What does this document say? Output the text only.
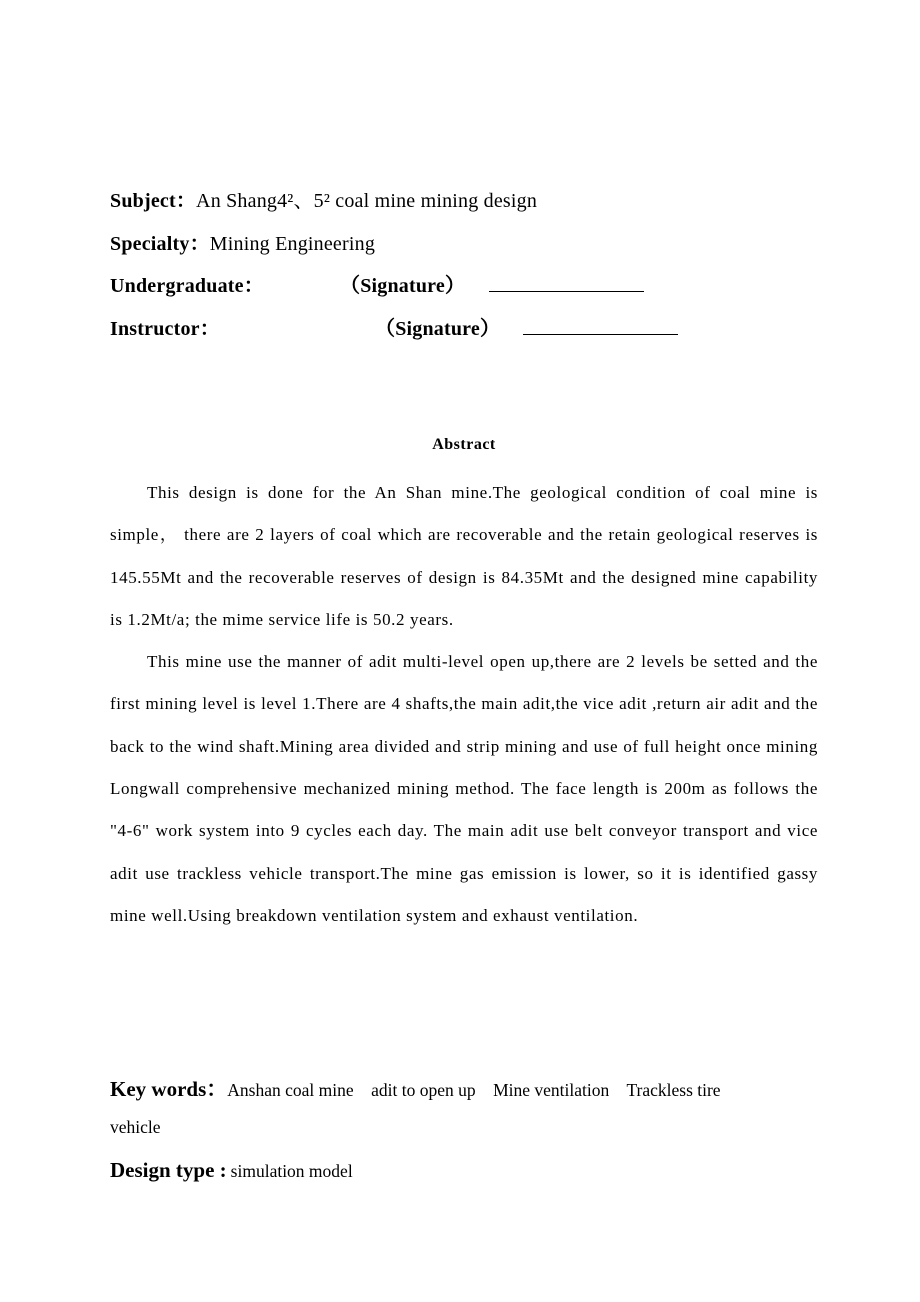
Subject：An Shang4²、5² coal mine mining design
Specialty：Mining Engineering
Undergraduate：	（Signature）
Instructor：	（Signature）
Abstract

This design is done for the An Shan mine.The geological condition of coal mine is simple， there are 2 layers of coal which are recoverable and the retain geological reserves is 145.55Mt and the recoverable reserves of design is 84.35Mt and the designed mine capability is 1.2Mt/a; the mime service life is 50.2 years.

This mine use the manner of adit multi-level open up,there are 2 levels be setted and the first mining level is level 1.There are 4 shafts,the main adit,the vice adit ,return air adit and the back to the wind shaft.Mining area divided and strip mining and use of full height once mining Longwall comprehensive mechanized mining method. The face length is 200m as follows the "4-6" work system into 9 cycles each day. The main adit use belt conveyor transport and vice adit use trackless vehicle transport.The mine gas emission is lower, so it is identified gassy mine well.Using breakdown ventilation system and exhaust ventilation.

Key words：Anshan coal mine    adit to open up    Mine ventilation    Trackless tire
vehicle
Design type : simulation model
